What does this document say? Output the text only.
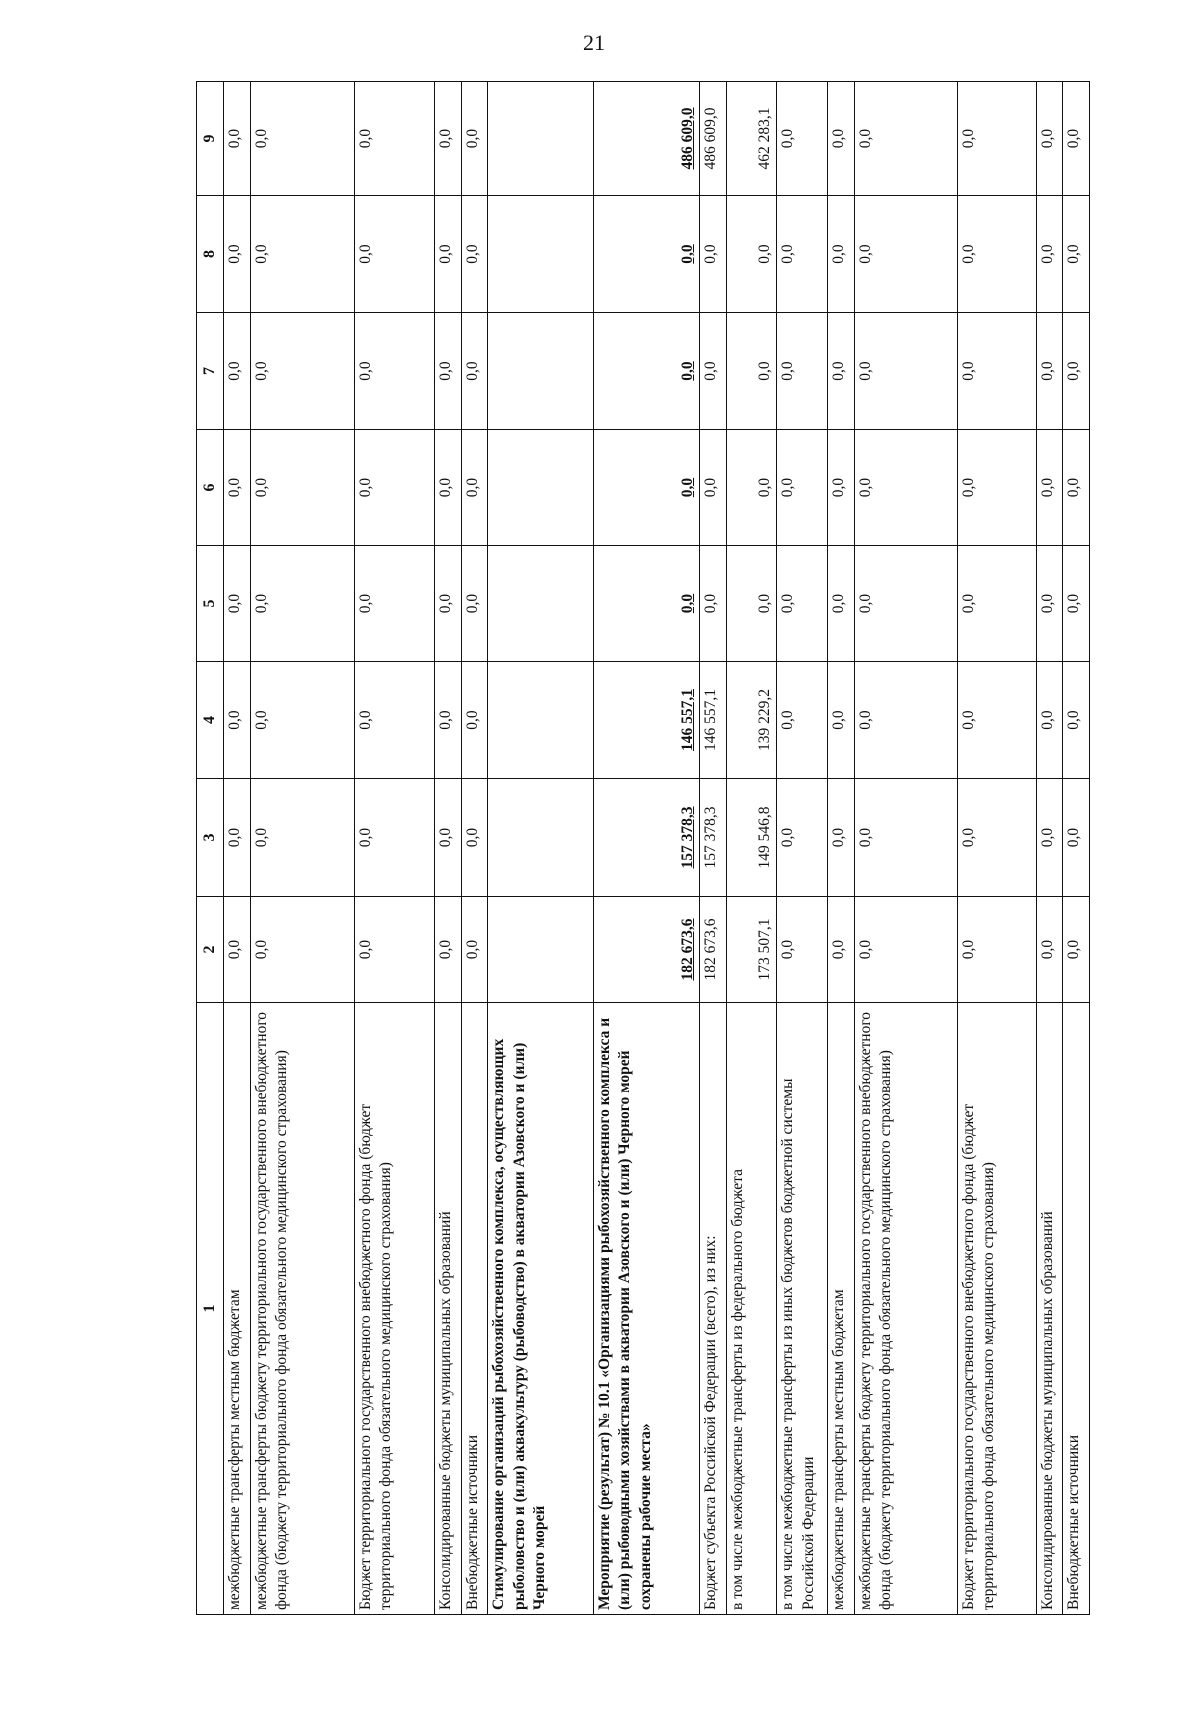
21
1	2	3	4	5	6	7	8	9
межбюджетные трансферты местным бюджетам	0,0	0,0	0,0	0,0	0,0	0,0	0,0	0,0
межбюджетные трансферты бюджету территориального государственного внебюджетного фонда (бюджету территориального фонда обязательного медицинского страхования)	0,0	0,0	0,0	0,0	0,0	0,0	0,0	0,0
Бюджет территориального государственного внебюджетного фонда (бюджет территориального фонда обязательного медицинского страхования)	0,0	0,0	0,0	0,0	0,0	0,0	0,0	0,0
Консолидированные бюджеты муниципальных образований	0,0	0,0	0,0	0,0	0,0	0,0	0,0	0,0
Внебюджетные источники	0,0	0,0	0,0	0,0	0,0	0,0	0,0	0,0
Стимулирование организаций рыбохозяйственного комплекса, осуществляющих рыболовство и (или) аквакультуру (рыбоводство) в акватории Азовского и (или) Черного морей								
Мероприятие (результат) № 10.1 «Организациями рыбохозяйственного комплекса и (или) рыбоводными хозяйствами в акватории Азовского и (или) Черного морей сохранены рабочие места»	182 673,6	157 378,3	146 557,1	0,0	0,0	0,0	0,0	486 609,0
Бюджет субъекта Российской Федерации (всего), из них:	182 673,6	157 378,3	146 557,1	0,0	0,0	0,0	0,0	486 609,0
в том числе межбюджетные трансферты из федерального бюджета	173 507,1	149 546,8	139 229,2	0,0	0,0	0,0	0,0	462 283,1
в том числе межбюджетные трансферты из иных бюджетов бюджетной системы Российской Федерации	0,0	0,0	0,0	0,0	0,0	0,0	0,0	0,0
межбюджетные трансферты местным бюджетам	0,0	0,0	0,0	0,0	0,0	0,0	0,0	0,0
межбюджетные трансферты бюджету территориального государственного внебюджетного фонда (бюджету территориального фонда обязательного медицинского страхования)	0,0	0,0	0,0	0,0	0,0	0,0	0,0	0,0
Бюджет территориального государственного внебюджетного фонда (бюджет территориального фонда обязательного медицинского страхования)	0,0	0,0	0,0	0,0	0,0	0,0	0,0	0,0
Консолидированные бюджеты муниципальных образований	0,0	0,0	0,0	0,0	0,0	0,0	0,0	0,0
Внебюджетные источники	0,0	0,0	0,0	0,0	0,0	0,0	0,0	0,0
